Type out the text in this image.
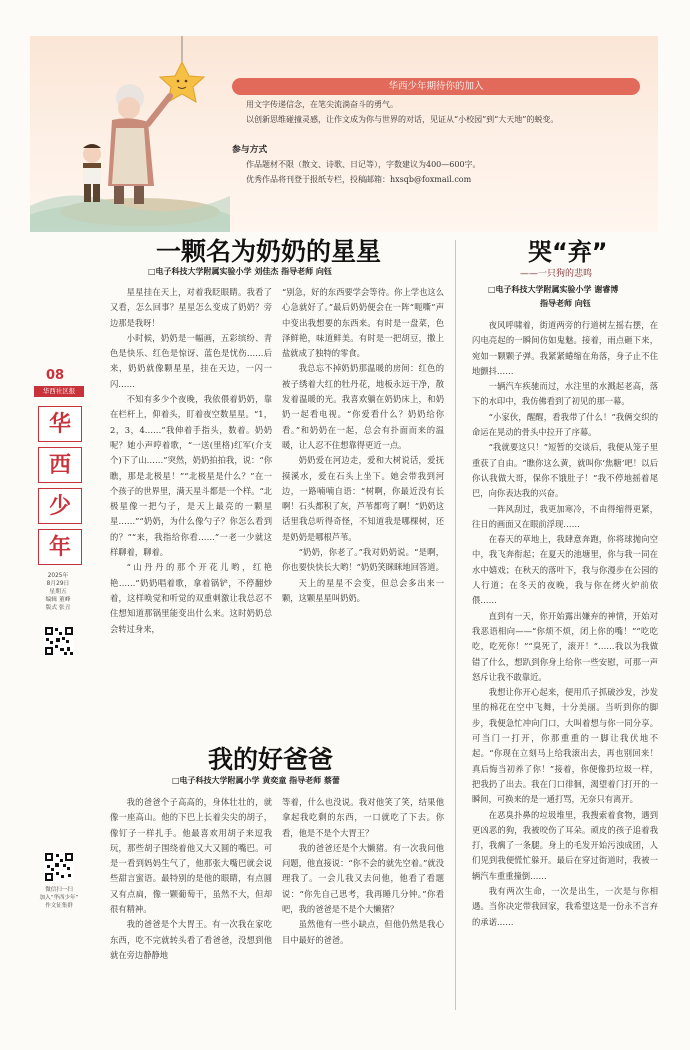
华西少年期待你的加入
用文字传递信念，在笔尖流淌奋斗的勇气。
以创新思维碰撞灵感，让作文成为你与世界的对话，见证从“小校园”到“大天地”的蜕变。
参与方式
作品题材不限（散文、诗歌、日记等），字数建议为400—600字。
优秀作品将刊登于报纸专栏，投稿邮箱：hxsqb@foxmail.com
08
华西社区报
华
西
少
年
2025年
8月29日
星期五
编辑 董峰
版式 张丑
微信扫一扫
加入“华西少年”
作文征集群
一颗名为奶奶的星星
□电子科技大学附属实验小学 刘佳杰 指导老师 向钰

星星挂在天上，对着我眨眼睛。我看了又看，怎么回事？星星怎么变成了奶奶？旁边那是我呀！

小时候，奶奶是一幅画，五彩缤纷、青色是快乐、红色是惊讶、蓝色是忧伤……后来，奶奶就像颗星星，挂在天边，一闪一闪……

不知有多少个夜晚，我依偎着奶奶，靠在栏杆上，仰着头，盯着夜空数星星。“1，2，3，4……”我伸着手指头，数着。奶奶呢？她小声哼着歌，“一送(里格)红军(介支个)下了山……”突然，奶奶拍拍我，说：“你瞧，那是北极星！”“北极星是什么？”在一个孩子的世界里，满天星斗都是一个样。“北极星像一把勺子，是天上最亮的一颗星星……”“奶奶，为什么像勺子？你怎么看到的？”“来，我指给你看……”一老一少就这样聊着，聊着。

“山丹丹的那个开花儿哟，红艳艳……”奶奶唱着歌，拿着锅铲，不停翻炒着，这样唤觉和听觉的双重刺激让我总忍不住想知道那锅里能变出什么来。这时奶奶总会转过身来，

“别急，好的东西要学会等待。你上学也这么心急就好了。”最后奶奶便会在一阵“呃嘶”声中变出我想要的东西来。有时是一盘菜，色泽鲜艳，味道鲜美。有时是一把胡豆，撒上盐就成了独特的零食。

我总忘不掉奶奶那温暖的房间：红色的被子绣着大红的牡丹花，地板永远干净，散发着温暖的光。我喜欢躺在奶奶床上，和奶奶一起看电视。“你爱看什么？奶奶给你看。”和奶奶在一起，总会有扑面而来的温暖，让人忍不住想靠得更近一点。

奶奶爱在河边走，爱和大树说话，爱抚摸溪水，爱在石头上坐下。她会带我到河边，一路喃喃自语：“树啊，你最近没有长啊！石头都积了灰，芦苇都弯了啊！”奶奶这话里我总听得奇怪，不知道我是哪棵树，还是奶奶是哪根芦苇。

“奶奶，你老了。”我对奶奶说。“是啊，你也要快快长大哟！”奶奶笑眯眯地回答道。

天上的星星不会变，但总会多出来一颗，这颗星星叫奶奶。

我的好爸爸
□电子科技大学附属小学 黄奕童 指导老师 蔡蕾

我的爸爸个子高高的，身体壮壮的，就像一座高山。他的下巴上长着尖尖的胡子，像钉子一样扎手。他最喜欢用胡子来逗我玩，那些胡子围绕着他又大又圆的嘴巴。可是一看到妈妈生气了，他那张大嘴巴就会说些甜言蜜语。最特别的是他的眼睛，有点圆又有点扁，像一颗葡萄干，虽然不大，但却很有精神。

我的爸爸是个大胃王。有一次我在家吃东西，吃不完就转头看了看爸爸，没想到他就在旁边静静地

等着，什么也没说。我对他笑了笑，结果他拿起我吃剩的东西，一口就吃了下去。你看，他是不是个大胃王？

我的爸爸还是个大懒猪。有一次我问他问题，他直接说：“你不会的就先空着。”就没理我了。一会儿我又去问他，他看了看题说：“你先自己思考，我再睡几分钟。”你看吧，我的爸爸是不是个大懒猪？

虽然他有一些小缺点，但他仍然是我心目中最好的爸爸。

哭“弃”
——一只狗的悲鸣
□电子科技大学附属实验小学 谢睿博
指导老师 向钰

夜风呼啸着，街道两旁的行道树左摇右摆，在闪电亮起的一瞬间仿如鬼魅。接着，雨点砸下来，宛如一颗颗子弹。我紧紧蜷缩在角落，身子止不住地颤抖……

一辆汽车疾驰而过，水注里的水溅起老高，落下的水印中，我仿佛看到了初见的那一幕。

“小家伙，醒醒，看我带了什么！”我俩交织的命运在晃动的骨头中拉开了序幕。

“我就要这只！”短暂的交谈后，我便从笼子里重获了自由。“瞧你这么黄，就叫你‘焦糖’吧！以后你认我做大哥，保你不饿肚子！”我不停地摇着尾巴，向你表达我的兴奋。

一阵风刮过，我更加寒冷，不由得缩得更紧，往日的画面又在眼前浮现……

在春天的草地上，我肆意奔跑，你将球抛向空中，我飞奔衔起；在夏天的池塘里，你与我一同在水中嬉戏；在秋天的落叶下，我与你漫步在公园的人行道；在冬天的夜晚，我与你在烤火炉前依偎……

直到有一天，你开始露出嫌弃的神情，开始对我恶语相向——“你烦不烦，闭上你的嘴！”“吃吃吃，吃死你！”“臭死了，滚开！”……我以为我做错了什么，想趴到你身上给你一些安慰，可那一声怒斥让我不敢靠近。

我想让你开心起来，便用爪子抓破沙发，沙发里的棉花在空中飞舞，十分美丽。当听到你的脚步，我便急忙冲向门口，大叫着想与你一同分享。可当门一打开，你那重重的一脚让我伏地不起。“你现在立刻马上给我滚出去，再也别回来！真后悔当初养了你！”接着，你便像扔垃圾一样，把我扔了出去。我在门口徘徊，渴望着门打开的一瞬间，可换来的是一通打骂，无奈只有离开。

在恶臭扑鼻的垃圾堆里，我搜索着食物，遇到更凶恶的狗，我被咬伤了耳朵。顽皮的孩子追着我打，我瘸了一条腿。身上的毛发开始污浊成团，人们见到我便慌忙躲开。最后在穿过街道时，我被一辆汽车重重撞倒……

我有两次生命，一次是出生，一次是与你相遇。当你决定带我回家，我希望这是一份永不言弃的承诺……
